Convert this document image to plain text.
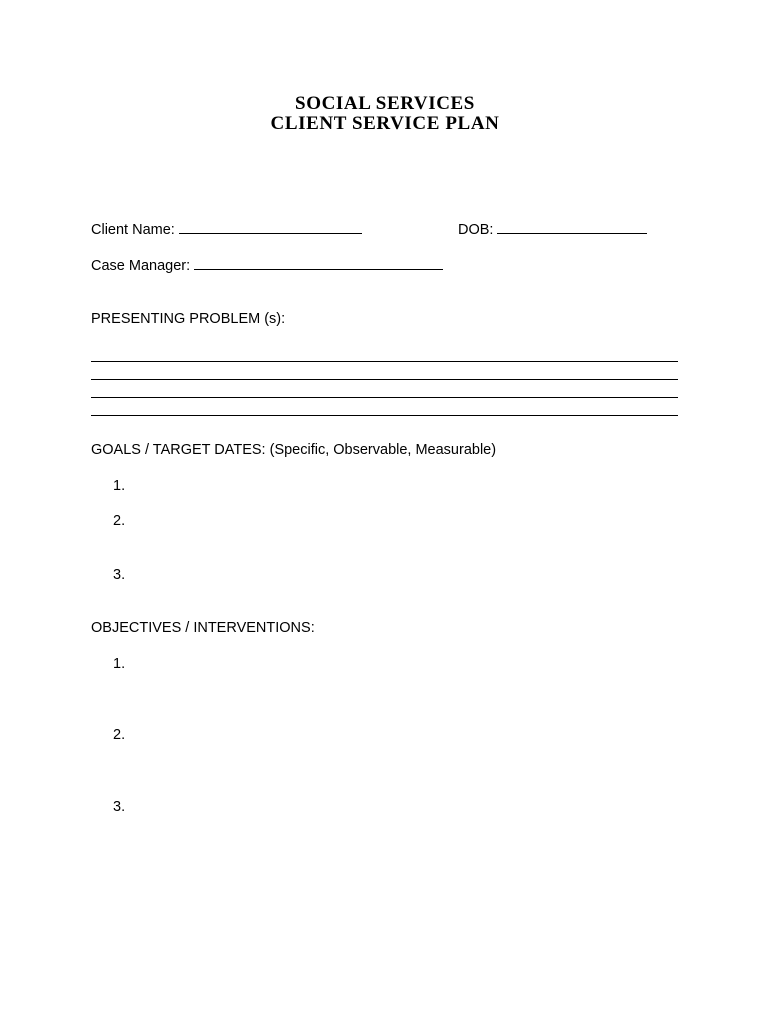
SOCIAL SERVICES
CLIENT SERVICE PLAN
Client Name:	DOB:
Case Manager:
PRESENTING PROBLEM (s):
GOALS / TARGET DATES: (Specific, Observable, Measurable)
1.
2.
3.
OBJECTIVES / INTERVENTIONS:
1.
2.
3.
